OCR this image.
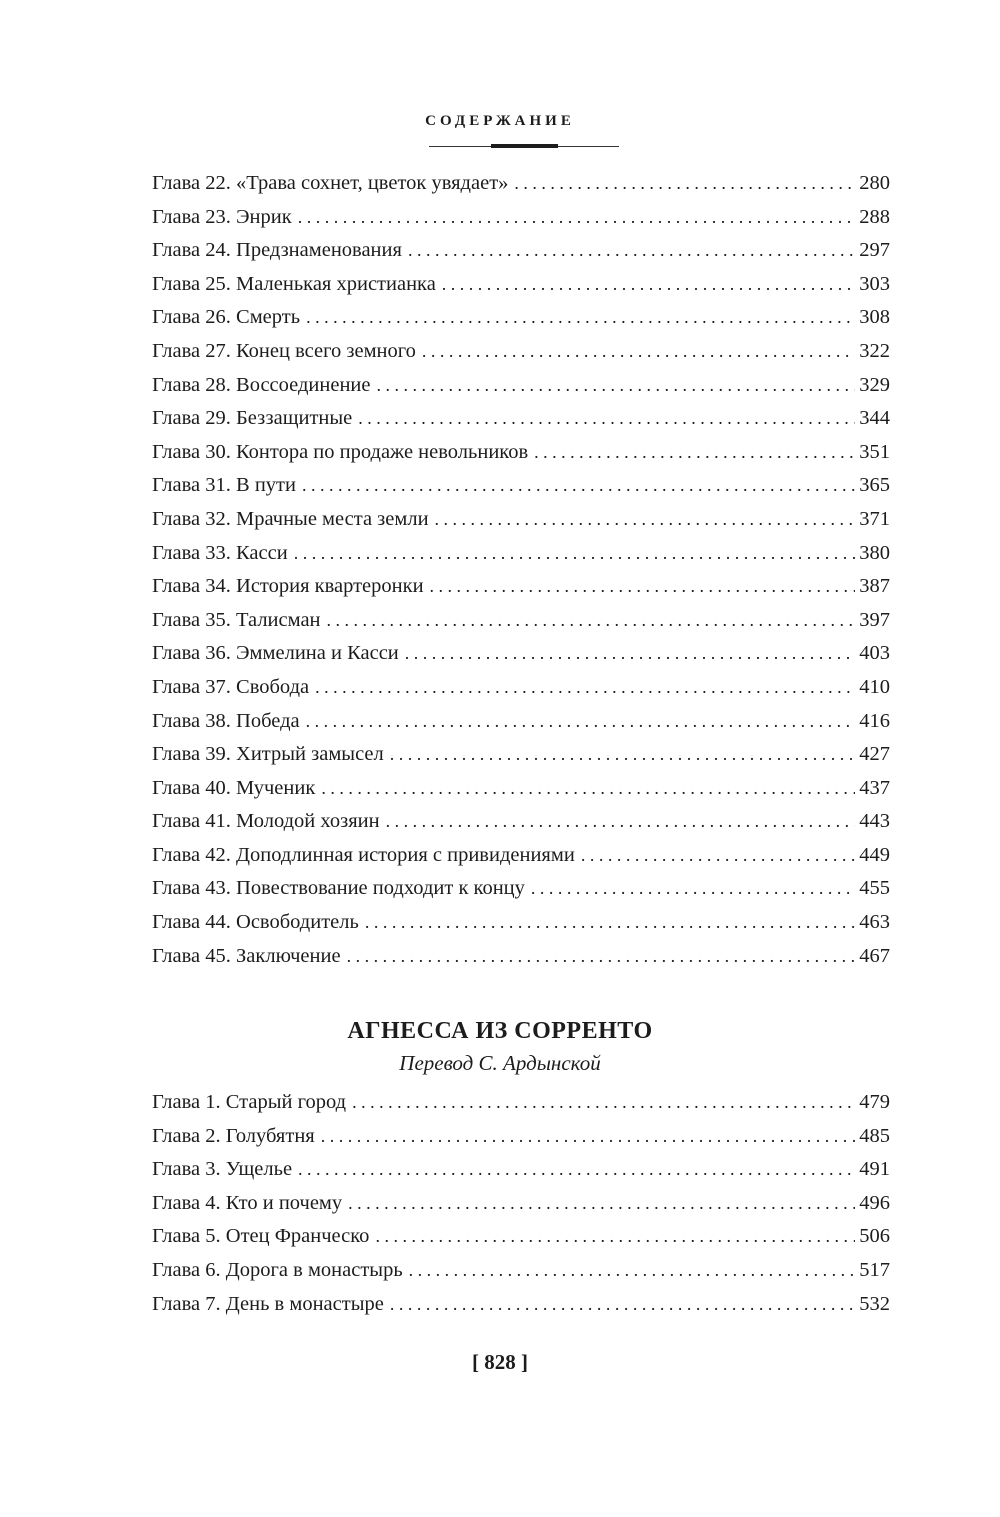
СОДЕРЖАНИЕ
Глава 22. «Трава сохнет, цветок увядает» . . .	280
Глава 23. Энрик . . .	288
Глава 24. Предзнаменования . . .	297
Глава 25. Маленькая христианка . . .	303
Глава 26. Смерть . . .	308
Глава 27. Конец всего земного . . .	322
Глава 28. Воссоединение . . .	329
Глава 29. Беззащитные . . .	344
Глава 30. Контора по продаже невольников . . .	351
Глава 31. В пути . . .	365
Глава 32. Мрачные места земли . . .	371
Глава 33. Касси . . .	380
Глава 34. История квартеронки . . .	387
Глава 35. Талисман . . .	397
Глава 36. Эммелина и Касси . . .	403
Глава 37. Свобода . . .	410
Глава 38. Победа . . .	416
Глава 39. Хитрый замысел . . .	427
Глава 40. Мученик . . .	437
Глава 41. Молодой хозяин . . .	443
Глава 42. Доподлинная история с привидениями . . .	449
Глава 43. Повествование подходит к концу . . .	455
Глава 44. Освободитель . . .	463
Глава 45. Заключение . . .	467
АГНЕССА ИЗ СОРРЕНТО
Перевод С. Ардынской
Глава 1. Старый город . . .	479
Глава 2. Голубятня . . .	485
Глава 3. Ущелье . . .	491
Глава 4. Кто и почему . . .	496
Глава 5. Отец Франческо . . .	506
Глава 6. Дорога в монастырь . . .	517
Глава 7. День в монастыре . . .	532
[ 828 ]
